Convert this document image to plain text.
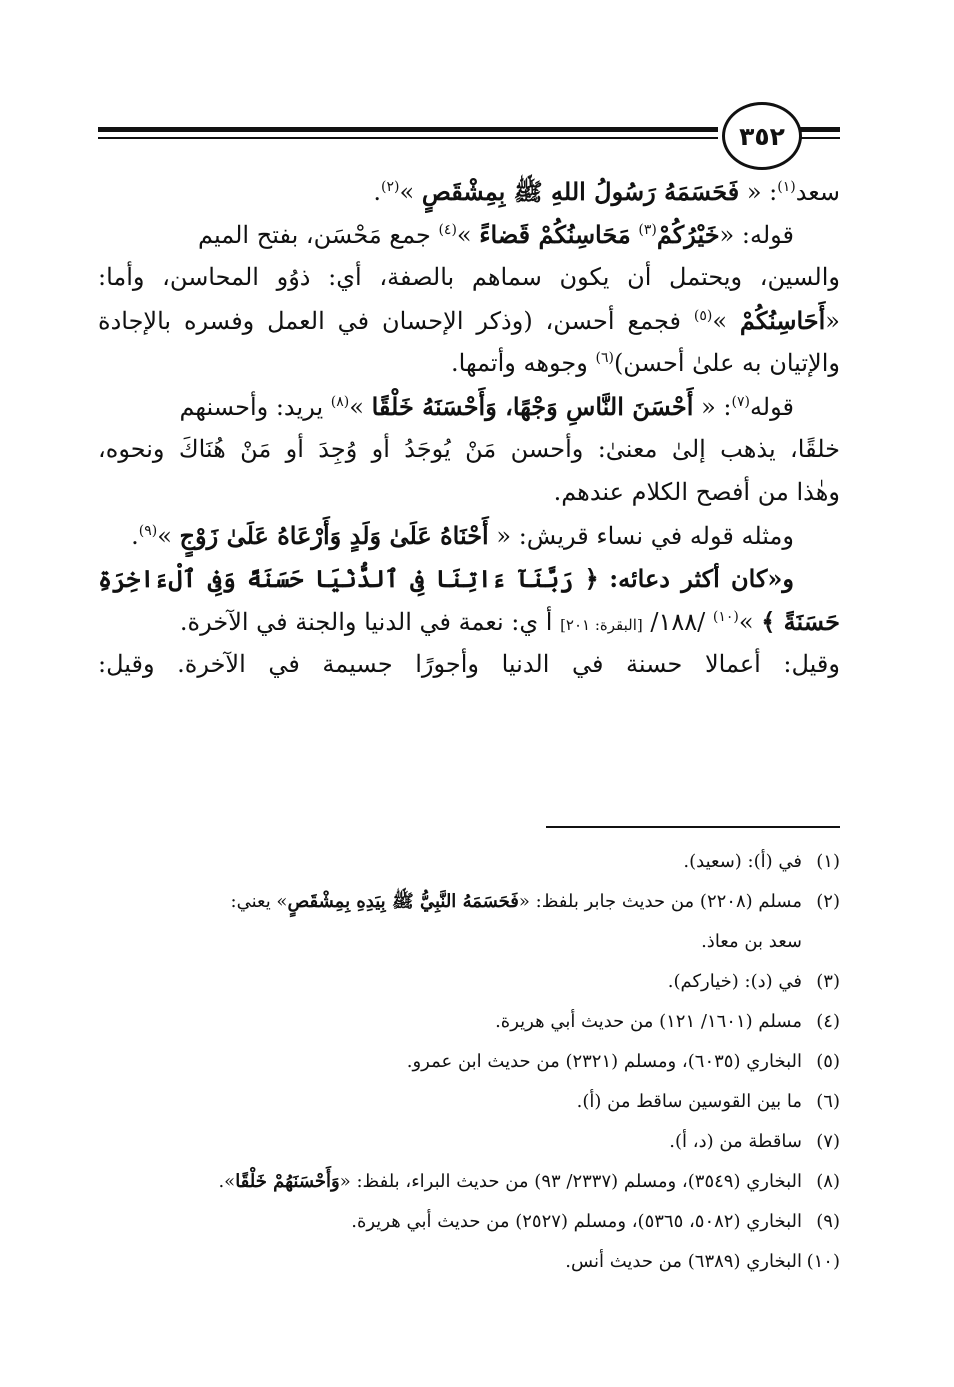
٣٥٢
سعد$^{(١)}$: « فَحَسَمَهُ رَسُولُ اللهِ ﷺ بِمِشْقَصٍ »$^{(٢)}$.
قوله: «خَيْرُكُمْ$^{(٣)}$ مَحَاسِنُكُمْ قَضاءً »$^{(٤)}$ جمع مَحْسَن، بفتح الميم
والسين، ويحتمل أن يكون سماهم بالصفة، أي: ذوُو المحاسن، وأما:
«أَحَاسِنُكُمْ »$^{(٥)}$ فجمع أحسن، (وذكر الإحسان في العمل وفسره بالإجادة
والإتيان به علىٰ أحسن)$^{(٦)}$ وجوهه وأتمها.
قوله$^{(٧)}$: « أَحْسَنَ النَّاسِ وَجْهًا، وَأَحْسَنَهُ خَلْقًا »$^{(٨)}$ يريد: وأحسنهم
خلقًا، يذهب إلىٰ معنىٰ: وأحسن مَنْ يُوجَدُ أو وُجِدَ أو مَنْ هُنَاكَ ونحوه،
وهٰذا من أفصح الكلام عندهم.
ومثله قوله في نساء قريش: « أَحْنَاهُ عَلَىٰ وَلَدٍ وَأَرْعَاهُ عَلَىٰ زَوْجٍ »$^{(٩)}$.
و«كان أكثر دعائه: ﴿ رَبَّنَآ ءَاتِنَا فِى ٱلدُّنْيَا حَسَنَةً وَفِى ٱلْءَاخِرَةِ
حَسَنَةً ﴾ »$^{(١٠)}$ /١٨٨/ [البقرة: ٢٠١] أ ي: نعمة في الدنيا والجنة في الآخرة.
وقيل: أعمالا حسنة في الدنيا وأجورًا جسيمة في الآخرة. وقيل:
(١)
في (أ): (سعيد).
(٢)
مسلم (٢٢٠٨) من حديث جابر بلفظ: «فَحَسَمَهُ النَّبِيُّ ﷺ بِيَدِهِ بِمِشْقَصٍ» يعني:
سعد بن معاذ.
(٣)
في (د): (خياركم).
(٤)
مسلم (١٦٠١/ ١٢١) من حديث أبي هريرة.
(٥)
البخاري (٦٠٣٥)، ومسلم (٢٣٢١) من حديث ابن عمرو.
(٦)
ما بين القوسين ساقط من (أ).
(٧)
ساقطة من (د، أ).
(٨)
البخاري (٣٥٤٩)، ومسلم (٢٣٣٧/ ٩٣) من حديث البراء، بلفظ: «وَأَحْسَنَهُمْ خَلْقًا».
(٩)
البخاري (٥٠٨٢، ٥٣٦٥)، ومسلم (٢٥٢٧) من حديث أبي هريرة.
(١٠)
البخاري (٦٣٨٩) من حديث أنس.
